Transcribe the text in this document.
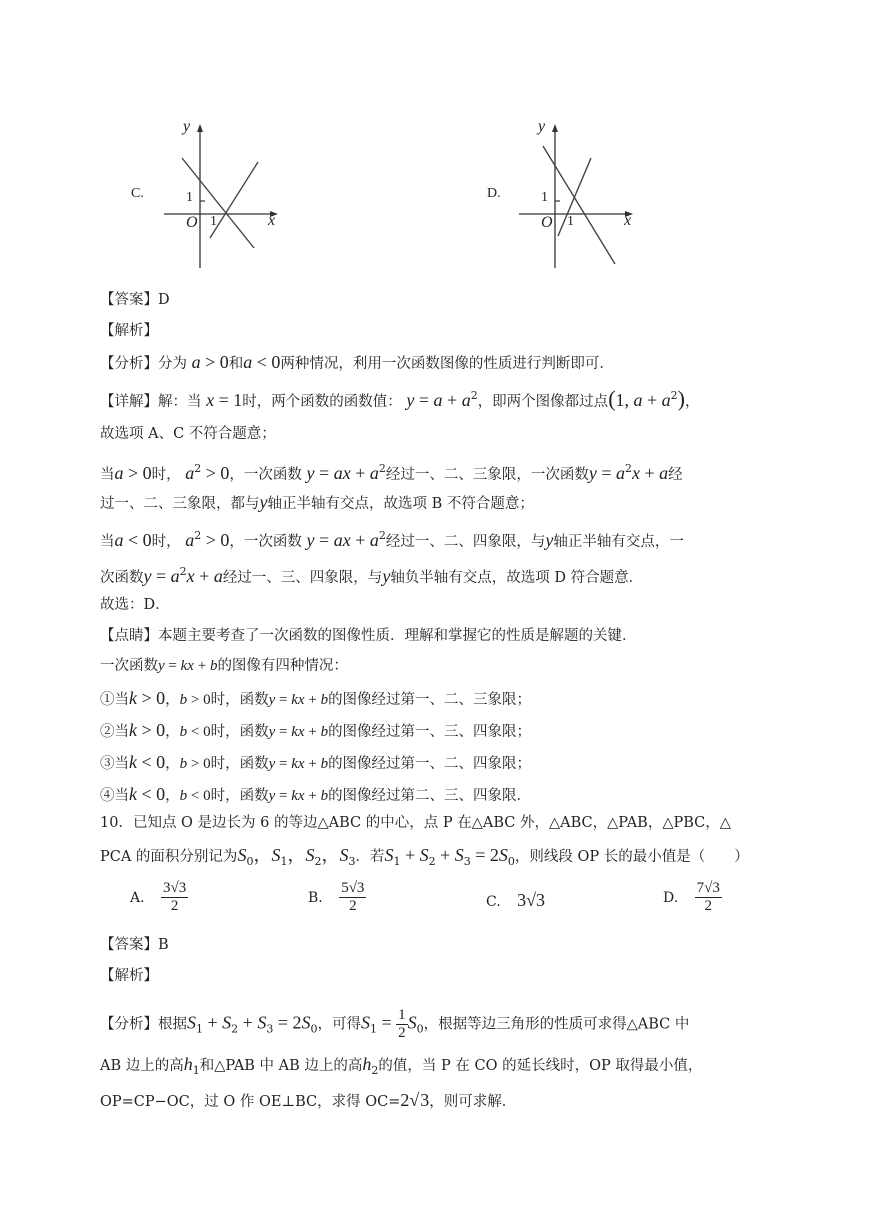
C.
y
x
1
O 1
D.
y
x
1
O 1
【答案】D
【解析】
【分析】分为 a > 0和a < 0两种情况，利用一次函数图像的性质进行判断即可．
【详解】解：当 x = 1时，两个函数的函数值： $y = a + a^2$，即两个图像都过点(1, $a + a^2$)，
故选项 A、C 不符合题意；
当a > 0时， $a^2 > 0$，一次函数 y = ax + $a^2$经过一、二、三象限，一次函数$y = a^2x + a$经
过一、二、三象限，都与y轴正半轴有交点，故选项 B 不符合题意；
当a < 0时， $a^2 > 0$，一次函数 y = ax + $a^2$经过一、二、四象限，与y轴正半轴有交点，一
次函数$y = a^2x + a$经过一、三、四象限，与y轴负半轴有交点，故选项 D 符合题意．
故选：D．
【点睛】本题主要考查了一次函数的图像性质．理解和掌握它的性质是解题的关键．
一次函数y = kx + b的图像有四种情况：
①当k > 0，b > 0时，函数y = kx + b的图像经过第一、二、三象限；
②当k > 0，b < 0时，函数y = kx + b的图像经过第一、三、四象限；
③当k < 0，b > 0时，函数y = kx + b的图像经过第一、二、四象限；
④当k < 0，b < 0时，函数y = kx + b的图像经过第二、三、四象限．
10．已知点 O 是边长为 6 的等边△ABC 的中心，点 P 在△ABC 外，△ABC，△PAB，△PBC，△
PCA 的面积分别记为$S_0$，$S_1$，$S_2$，$S_3$．若$S_1 + S_2 + S_3 = 2S_0$，则线段 OP 长的最小值是（　　）
A. $\frac{3√3}{2}$	B. $\frac{5√3}{2}$	C. 3√3	D. $\frac{7√3}{2}$
【答案】B
【解析】
【分析】根据$S_1 + S_2 + S_3 = 2S_0$，可得$S_1 = \frac{1}{2} S_0$，根据等边三角形的性质可求得△ABC 中
AB 边上的高$h_1$和△PAB 中 AB 边上的高$h_2$的值，当 P 在 CO 的延长线时，OP 取得最小值，
OP=CP−OC，过 O 作 OE⊥BC，求得 OC=2√3，则可求解．
